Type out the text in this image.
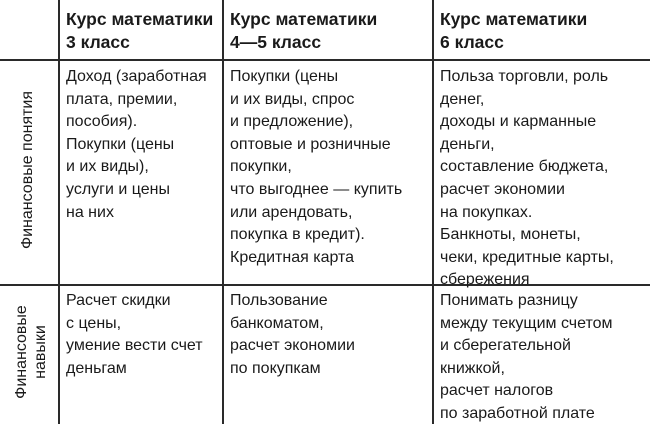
Курс математики
3 класс
Курс математики
4—5 класс
Курс математики
6 класс
Финансовые понятия
Доход (заработная
плата, премии,
пособия).
Покупки (цены
и их виды),
услуги и цены
на них
Покупки (цены
и их виды, спрос
и предложение),
оптовые и розничные
покупки,
что выгоднее — купить
или арендовать,
покупка в кредит).
Кредитная карта
Польза торговли, роль
денег,
доходы и карманные
деньги,
составление бюджета,
расчет экономии
на покупках.
Банкноты, монеты,
чеки, кредитные карты,
сбережения
Финансовые
навыки
Расчет скидки
с цены,
умение вести счет
деньгам
Пользование
банкоматом,
расчет экономии
по покупкам
Понимать разницу
между текущим счетом
и сберегательной
книжкой,
расчет налогов
по заработной плате
